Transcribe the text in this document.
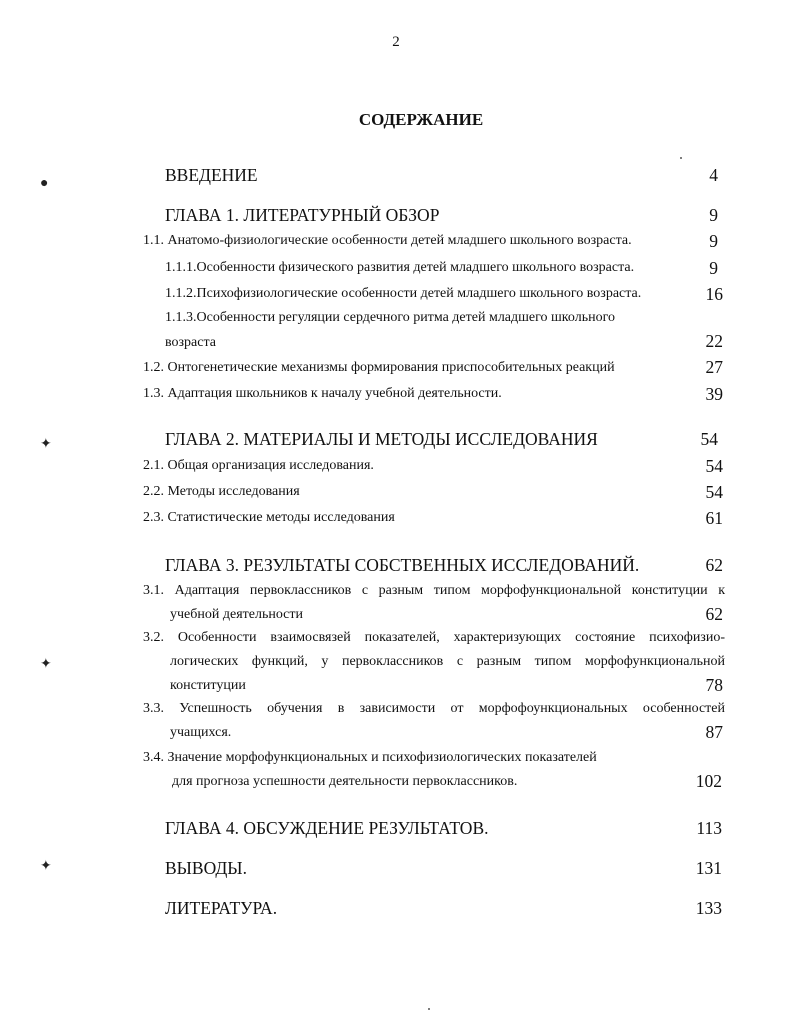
2
СОДЕРЖАНИЕ
●
✦
✦
✦
ВВЕДЕНИЕ	4
ГЛАВА 1. ЛИТЕРАТУРНЫЙ ОБЗОР	9
1.1. Анатомо-физиологические особенности детей младшего школьного возраста.	9
1.1.1.Особенности физического развития детей младшего школьного возраста.	9
1.1.2.Психофизиологические особенности детей младшего школьного возраста.	16
1.1.3.Особенности регуляции сердечного ритма детей младшего школьного
возраста	22
1.2. Онтогенетические механизмы формирования приспособительных реакций	27
1.3. Адаптация школьников к началу учебной деятельности.	39
ГЛАВА 2. МАТЕРИАЛЫ И МЕТОДЫ ИССЛЕДОВАНИЯ	54
2.1. Общая организация исследования.	54
2.2. Методы исследования	54
2.3. Статистические методы исследования	61
ГЛАВА 3. РЕЗУЛЬТАТЫ СОБСТВЕННЫХ ИССЛЕДОВАНИЙ.	62
3.1. Адаптация первоклассников с разным типом морфофункциональной конституции к
учебной деятельности	62
3.2. Особенности взаимосвязей показателей, характеризующих состояние психофизио-
логических функций, у первоклассников с разным типом морфофункциональной
конституции	78
3.3. Успешность обучения в зависимости от морфофоункциональных особенностей
учащихся.	87
3.4. Значение морфофункциональных и психофизиологических показателей
для прогноза успешности деятельности первоклассников.	102
ГЛАВА 4. ОБСУЖДЕНИЕ РЕЗУЛЬТАТОВ.	113
ВЫВОДЫ.	131
ЛИТЕРАТУРА.	133
